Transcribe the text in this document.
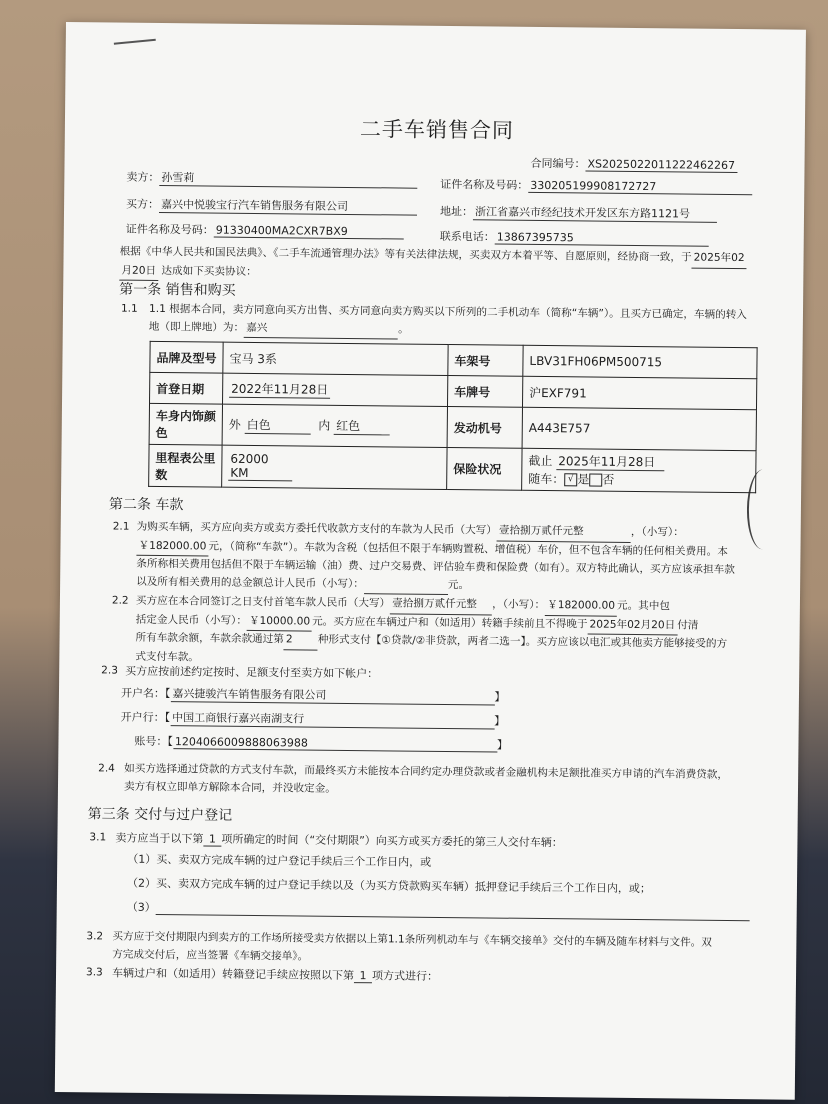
二手车销售合同
合同编号： XS2025022011222462267
卖方： 孙雪莉
证件名称及号码： 330205199908172727
买方： 嘉兴中悦骏宝行汽车销售服务有限公司	地址： 浙江省嘉兴市经纪技术开发区东方路1121号
证件名称及号码： 91330400MA2CXR7BX9	联系电话： 13867395735
根据《中华人民共和国民法典》、《二手车流通管理办法》等有关法律法规，买卖双方本着平等、自愿原则，经协商一致，于 2025年02
月20日 达成如下买卖协议：
第一条 销售和购买
1.1 1.1 根据本合同，卖方同意向买方出售、买方同意向卖方购买以下所列的二手机动车（简称“车辆”）。且买方已确定，车辆的转入
地（即上牌地）为： 嘉兴	。
品牌及型号	宝马 3系	车架号	LBV31FH06PM500715
首登日期	2022年11月28日	车牌号	沪EXF791
车身内饰颜色	外 白色 内 红色	发动机号	A443E757
里程表公里数	62000 KM	保险状况	截止 2025年11月28日
随车： √ 是 否
第二条 车款
2.1 为购买车辆，买方应向卖方或卖方委托代收款方支付的车款为人民币（大写） 壹拾捌万贰仟元整	，（小写）：
￥182000.00 元，（简称“车款”）。车款为含税（包括但不限于车辆购置税、增值税）车价，但不包含车辆的任何相关费用。本
条所称相关费用包括但不限于车辆运输（油）费、过户交易费、评估验车费和保险费（如有）。双方特此确认，买方应该承担车款
以及所有相关费用的总金额总计人民币（小写）：	元。
2.2 买方应在本合同签订之日支付首笔车款人民币（大写） 壹拾捌万贰仟元整 ，（小写）： ￥182000.00 元。其中包
括定金人民币（小写）： ￥10000.00 元。买方应在车辆过户和（如适用）转籍手续前且不得晚于 2025年02月20日 付清
所有车款余额，车款余款通过第 2 种形式支付【①贷款/②非贷款，两者二选一】。买方应该以电汇或其他卖方能够接受的方
式支付车款。
2.3 买方应按前述约定按时、足额支付至卖方如下帐户：
开户名：【 嘉兴捷骏汽车销售服务有限公司	】
开户行：【 中国工商银行嘉兴南湖支行	】
账号：【 1204066009888063988	】
2.4 如买方选择通过贷款的方式支付车款，而最终买方未能按本合同约定办理贷款或者金融机构未足额批准买方申请的汽车消费贷款，
卖方有权立即单方解除本合同，并没收定金。
第三条 交付与过户登记
3.1 卖方应当于以下第 1 项所确定的时间（“交付期限”）向买方或买方委托的第三人交付车辆：
（1）买、卖双方完成车辆的过户登记手续后三个工作日内，或
（2）买、卖双方完成车辆的过户登记手续以及（为买方贷款购买车辆）抵押登记手续后三个工作日内，或；
（3）
3.2 买方应于交付期限内到卖方的工作场所接受卖方依据以上第1.1条所列机动车与《车辆交接单》交付的车辆及随车材料与文件。双
方完成交付后，应当签署《车辆交接单》。
3.3 车辆过户和（如适用）转籍登记手续应按照以下第 1 项方式进行：
